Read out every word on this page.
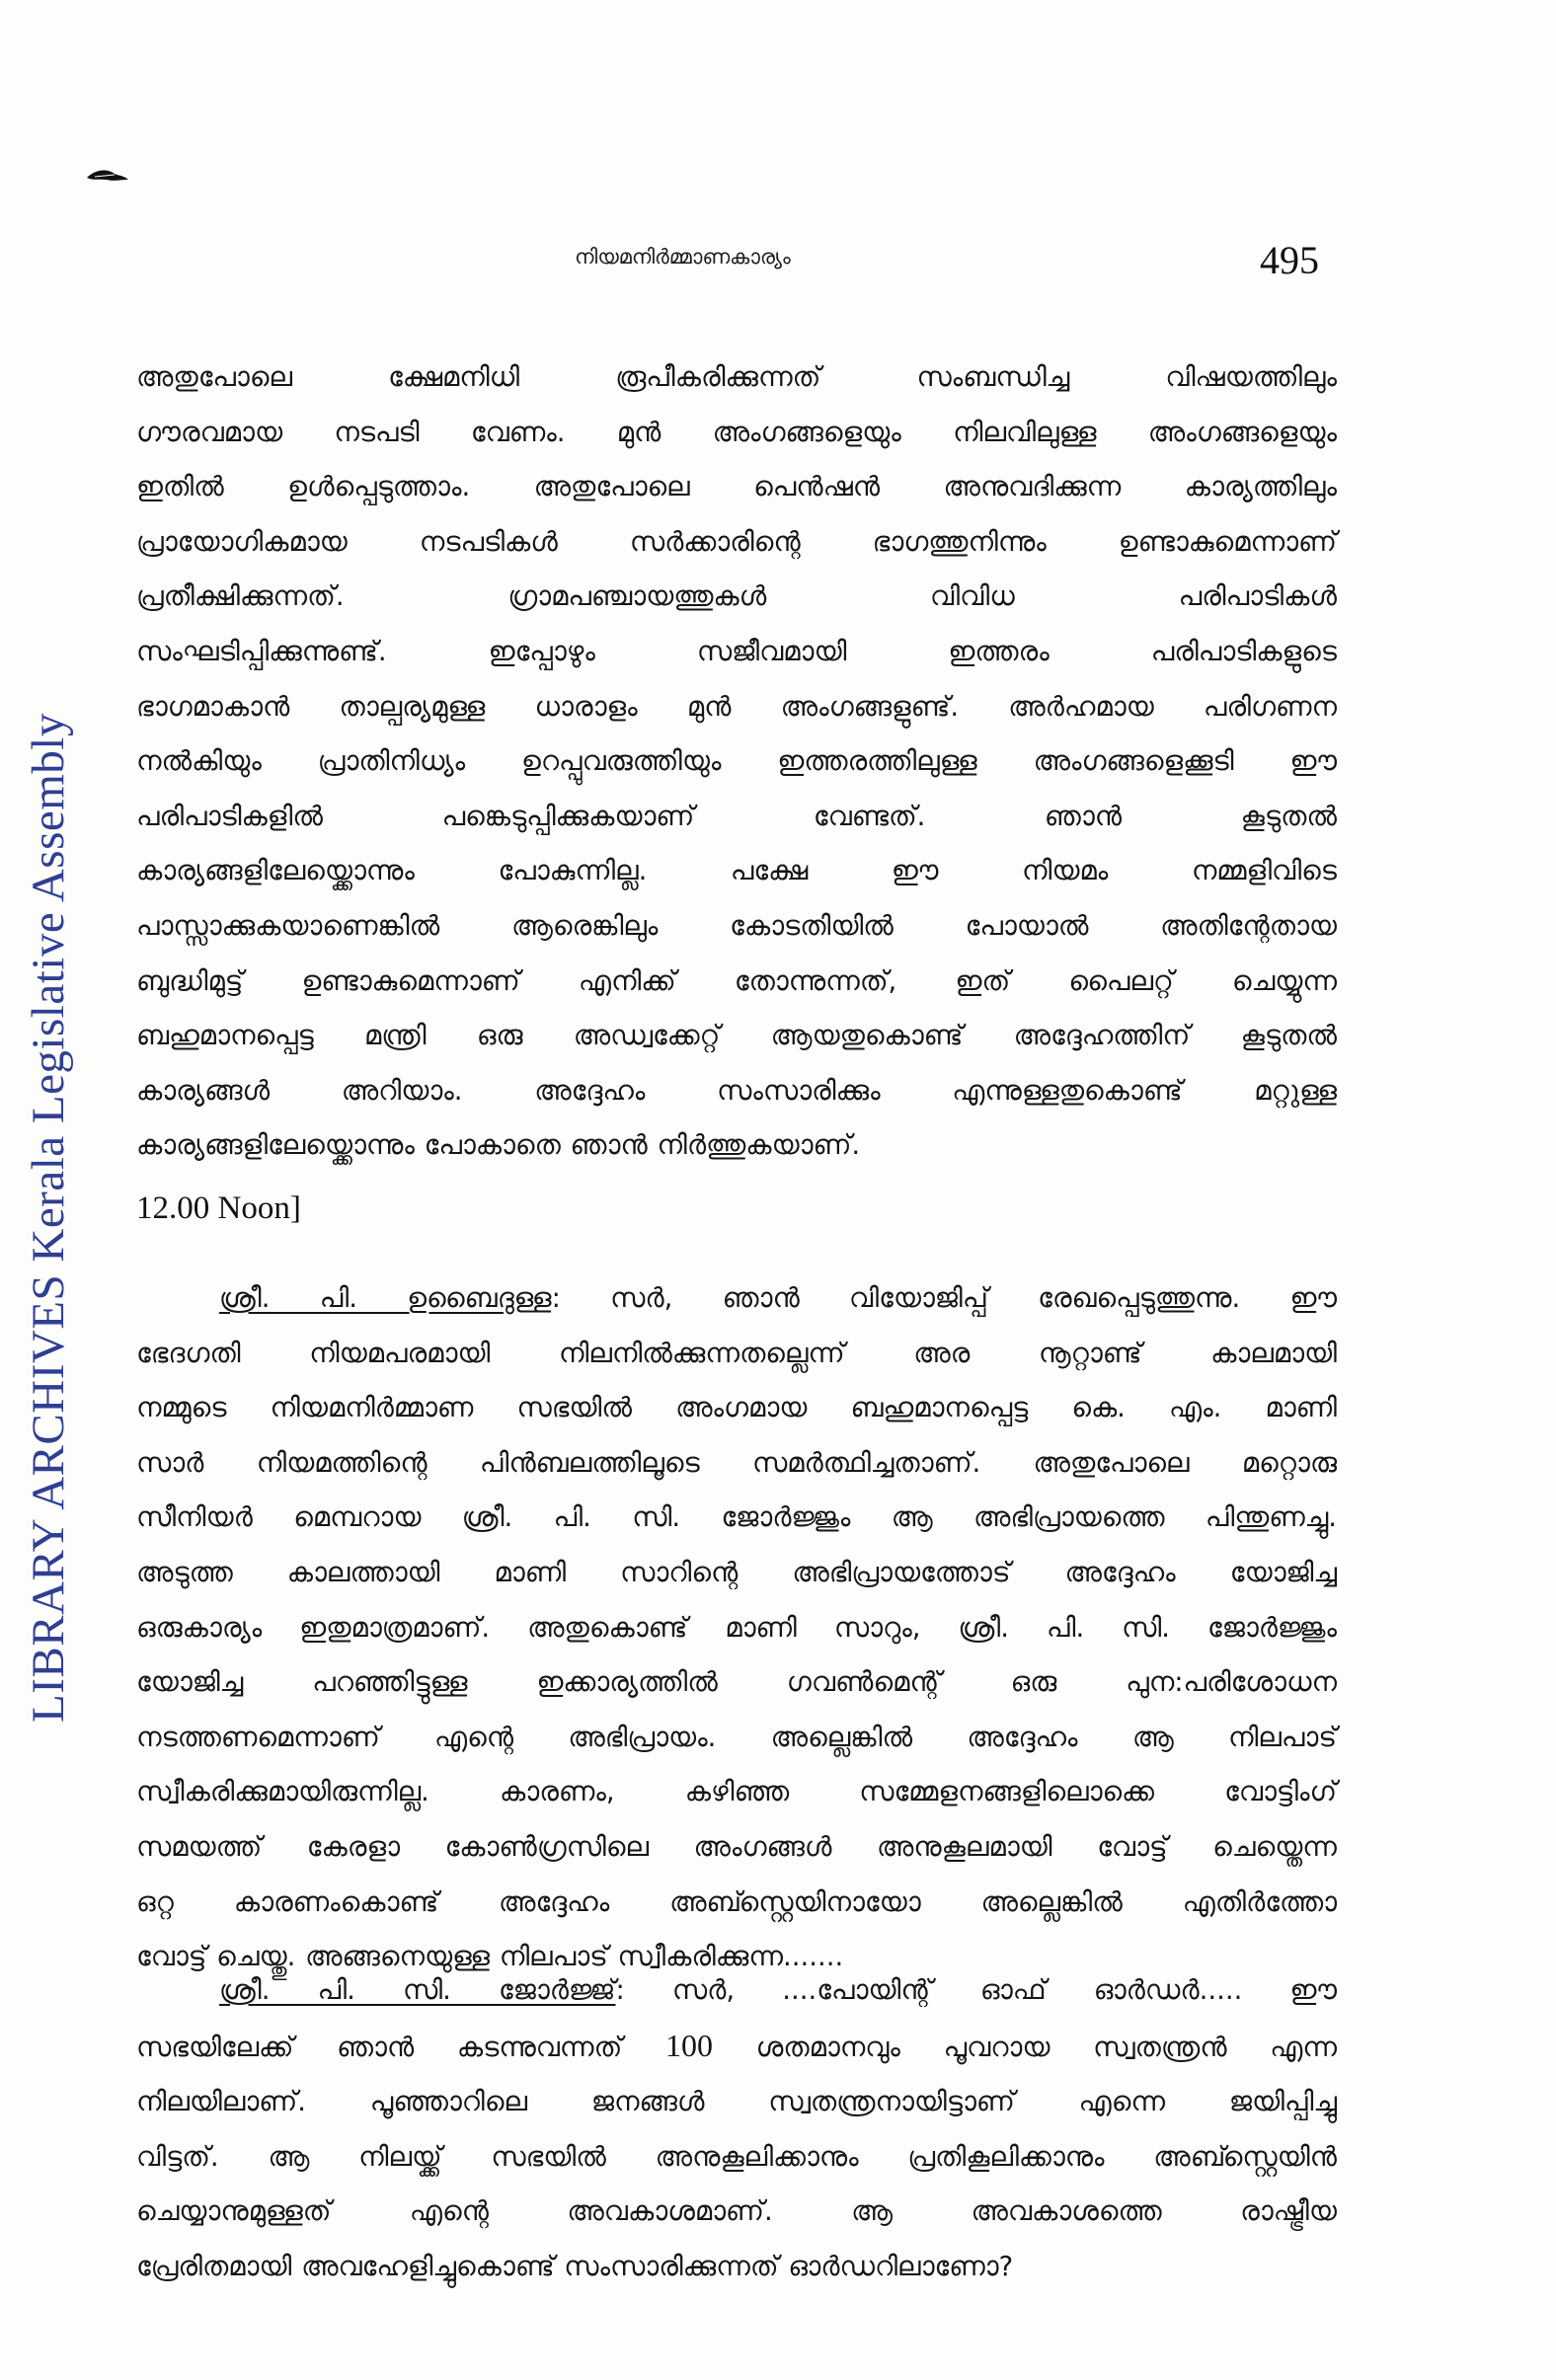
LIBRARY ARCHIVES Kerala Legislative Assembly
നിയമനിർമ്മാണകാര്യം	495

അതുപോലെ ക്ഷേമനിധി രൂപീകരിക്കുന്നത് സംബന്ധിച്ച വിഷയത്തിലും
ഗൗരവമായ നടപടി വേണം. മുൻ അംഗങ്ങളെയും നിലവിലുള്ള അംഗങ്ങളെയും
ഇതിൽ ഉൾപ്പെടുത്താം. അതുപോലെ പെൻഷൻ അനുവദിക്കുന്ന കാര്യത്തിലും
പ്രായോഗികമായ നടപടികൾ സർക്കാരിന്റെ ഭാഗത്തുനിന്നും ഉണ്ടാകുമെന്നാണ്
പ്രതീക്ഷിക്കുന്നത്. ഗ്രാമപഞ്ചായത്തുകൾ വിവിധ പരിപാടികൾ
സംഘടിപ്പിക്കുന്നുണ്ട്. ഇപ്പോഴും സജീവമായി ഇത്തരം പരിപാടികളുടെ
ഭാഗമാകാൻ താല്പര്യമുള്ള ധാരാളം മുൻ അംഗങ്ങളുണ്ട്. അർഹമായ പരിഗണന
നൽകിയും പ്രാതിനിധ്യം ഉറപ്പുവരുത്തിയും ഇത്തരത്തിലുള്ള അംഗങ്ങളെക്കൂടി ഈ
പരിപാടികളിൽ പങ്കെടുപ്പിക്കുകയാണ് വേണ്ടത്. ഞാൻ കൂടുതൽ
കാര്യങ്ങളിലേയ്ക്കൊന്നും പോകുന്നില്ല. പക്ഷേ ഈ നിയമം നമ്മളിവിടെ
പാസ്സാക്കുകയാണെങ്കിൽ ആരെങ്കിലും കോടതിയിൽ പോയാൽ അതിന്റേതായ
ബുദ്ധിമുട്ട് ഉണ്ടാകുമെന്നാണ് എനിക്ക് തോന്നുന്നത്, ഇത് പൈലറ്റ് ചെയ്യുന്ന
ബഹുമാനപ്പെട്ട മന്ത്രി ഒരു അഡ്വക്കേറ്റ് ആയതുകൊണ്ട് അദ്ദേഹത്തിന് കൂടുതൽ
കാര്യങ്ങൾ അറിയാം. അദ്ദേഹം സംസാരിക്കും എന്നുള്ളതുകൊണ്ട് മറ്റുള്ള
കാര്യങ്ങളിലേയ്ക്കൊന്നും പോകാതെ ഞാൻ നിർത്തുകയാണ്.

12.00 Noon]

ശ്രീ. പി. ഉബൈദുള്ള: സർ, ഞാൻ വിയോജിപ്പ് രേഖപ്പെടുത്തുന്നു. ഈ
ഭേദഗതി നിയമപരമായി നിലനിൽക്കുന്നതല്ലെന്ന് അര നൂറ്റാണ്ട് കാലമായി
നമ്മുടെ നിയമനിർമ്മാണ സഭയിൽ അംഗമായ ബഹുമാനപ്പെട്ട കെ. എം. മാണി
സാർ നിയമത്തിന്റെ പിൻബലത്തിലൂടെ സമർത്ഥിച്ചതാണ്. അതുപോലെ മറ്റൊരു
സീനിയർ മെമ്പറായ ശ്രീ. പി. സി. ജോർജ്ജും ആ അഭിപ്രായത്തെ പിന്തുണച്ചു.
അടുത്ത കാലത്തായി മാണി സാറിന്റെ അഭിപ്രായത്തോട് അദ്ദേഹം യോജിച്ച
ഒരുകാര്യം ഇതുമാത്രമാണ്. അതുകൊണ്ട് മാണി സാറും, ശ്രീ. പി. സി. ജോർജ്ജും
യോജിച്ച പറഞ്ഞിട്ടുള്ള ഇക്കാര്യത്തിൽ ഗവൺമെന്റ് ഒരു പുന:പരിശോധന
നടത്തണമെന്നാണ് എന്റെ അഭിപ്രായം. അല്ലെങ്കിൽ അദ്ദേഹം ആ നിലപാട്
സ്വീകരിക്കുമായിരുന്നില്ല. കാരണം, കഴിഞ്ഞ സമ്മേളനങ്ങളിലൊക്കെ വോട്ടിംഗ്
സമയത്ത് കേരളാ കോൺഗ്രസിലെ അംഗങ്ങൾ അനുകൂലമായി വോട്ട് ചെയ്തെന്ന
ഒറ്റ കാരണംകൊണ്ട് അദ്ദേഹം അബ്സ്റ്റെയിനായോ അല്ലെങ്കിൽ എതിർത്തോ
വോട്ട് ചെയ്തു. അങ്ങനെയുള്ള നിലപാട് സ്വീകരിക്കുന്ന.......

ശ്രീ. പി. സി. ജോർജ്ജ്: സർ, ....പോയിന്റ് ഓഫ് ഓർഡർ..... ഈ
സഭയിലേക്ക് ഞാൻ കടന്നുവന്നത് 100 ശതമാനവും പൂവറായ സ്വതന്ത്രൻ എന്ന
നിലയിലാണ്. പൂഞ്ഞാറിലെ ജനങ്ങൾ സ്വതന്ത്രനായിട്ടാണ് എന്നെ ജയിപ്പിച്ചു
വിട്ടത്. ആ നിലയ്ക്ക് സഭയിൽ അനുകൂലിക്കാനും പ്രതികൂലിക്കാനും അബ്സ്റ്റെയിൻ
ചെയ്യാനുമുള്ളത് എന്റെ അവകാശമാണ്. ആ അവകാശത്തെ രാഷ്ട്രീയ
പ്രേരിതമായി അവഹേളിച്ചുകൊണ്ട് സംസാരിക്കുന്നത് ഓർഡറിലാണോ?
